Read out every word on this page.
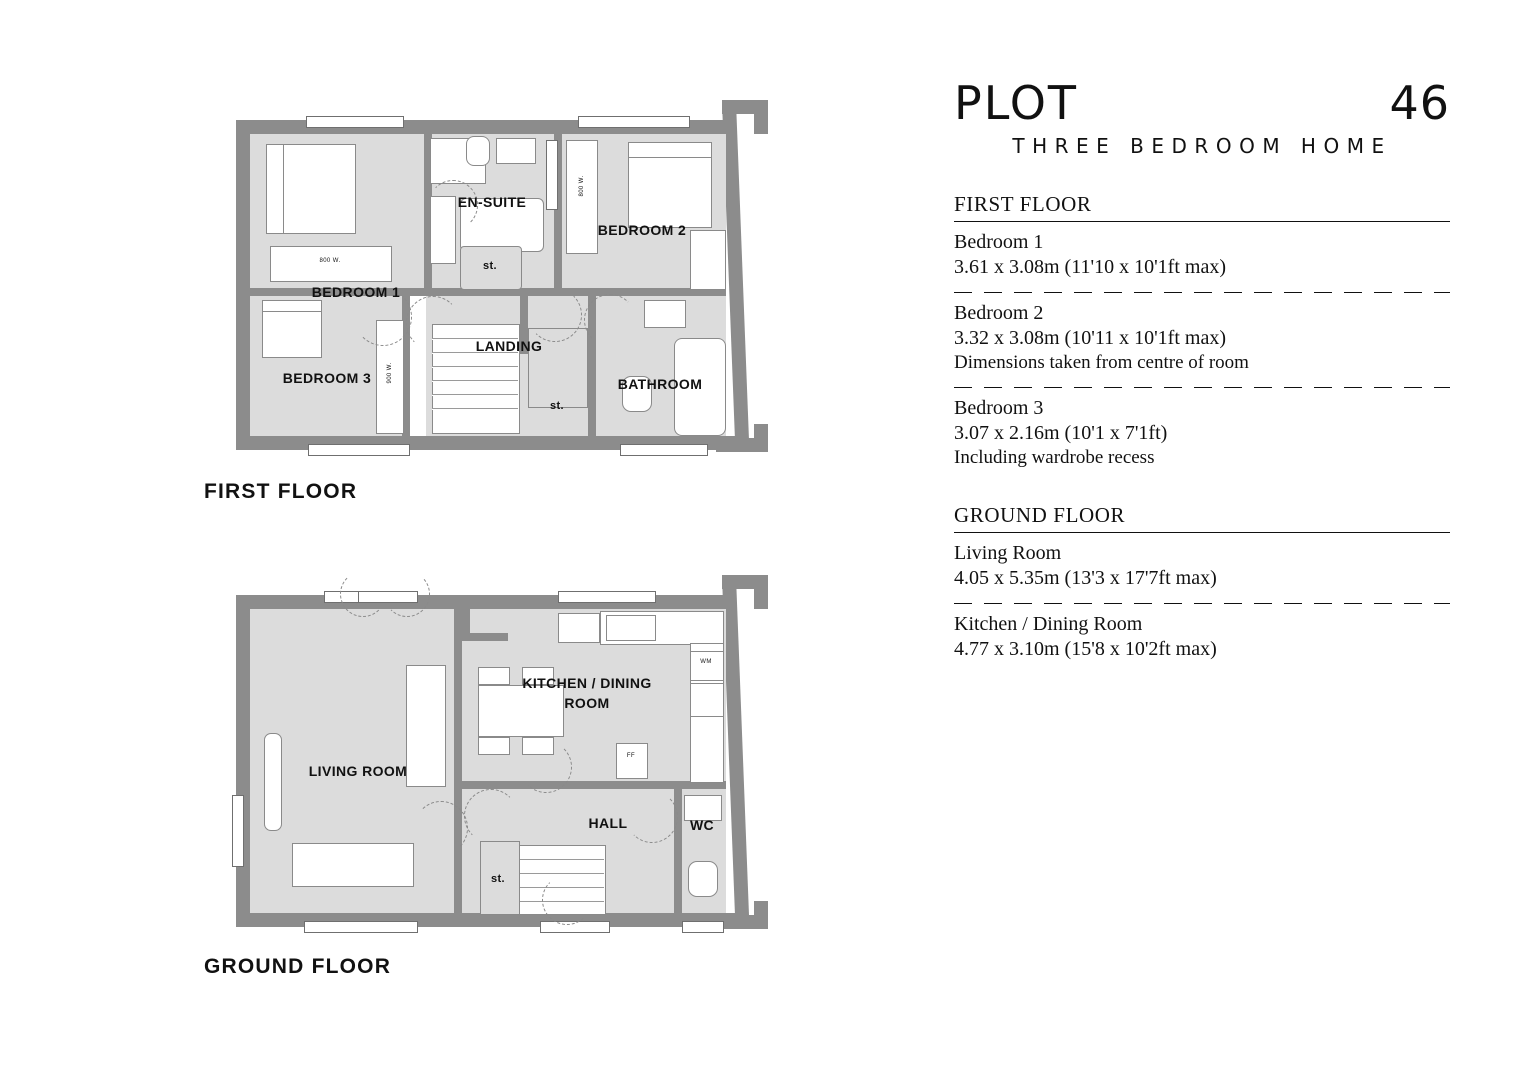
800 W.
800 W.
900 W.
BEDROOM 1
EN-SUITE
BEDROOM 2
LANDING
BEDROOM 3	BATHROOM
st.
st.
FIRST FLOOR
WM
FF
LIVING ROOM
KITCHEN / DINING ROOM
HALL	WC
st.
GROUND FLOOR
PLOT	46
THREE BEDROOM HOME
FIRST FLOOR
Bedroom 1
3.61 x 3.08m (11'10 x 10'1ft max)
Bedroom 2
3.32 x 3.08m (10'11 x 10'1ft max)
Dimensions taken from centre of room
Bedroom 3
3.07 x 2.16m (10'1 x 7'1ft)
Including wardrobe recess
GROUND FLOOR
Living Room
4.05 x 5.35m (13'3 x 17'7ft max)
Kitchen / Dining Room
4.77 x 3.10m (15'8 x 10'2ft max)
